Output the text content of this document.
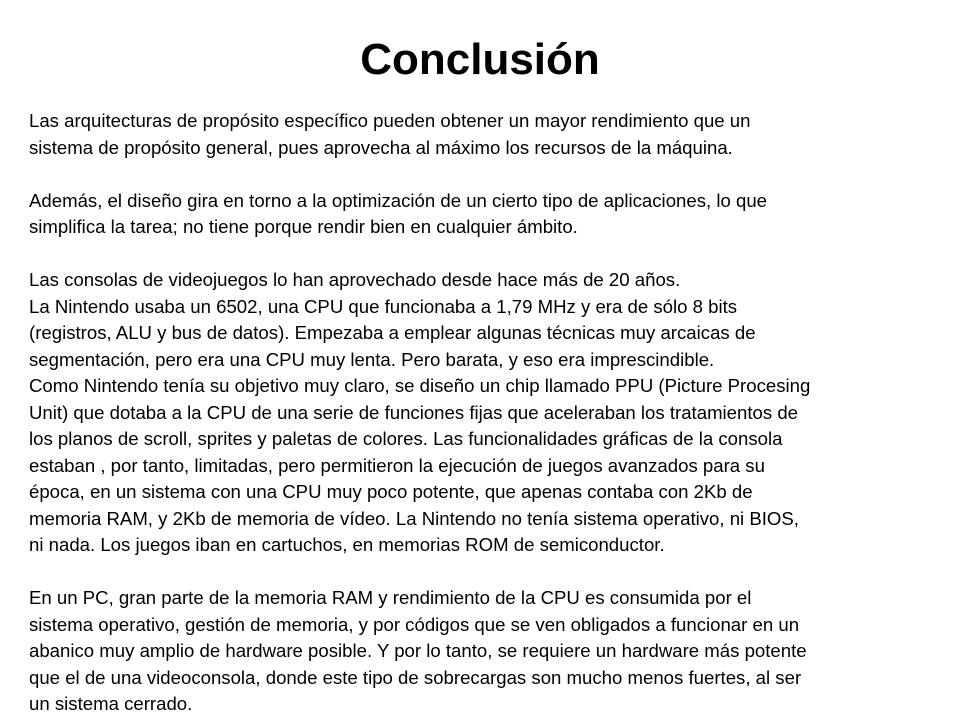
Conclusión
Las arquitecturas de propósito específico pueden obtener un mayor rendimiento que un
sistema de propósito general, pues aprovecha al máximo los recursos de la máquina.
Además, el diseño gira en torno a la optimización de un cierto tipo de aplicaciones, lo que
simplifica la tarea; no tiene porque rendir bien en cualquier ámbito.
Las consolas de videojuegos lo han aprovechado desde hace más de 20 años.
La Nintendo usaba un 6502, una CPU que funcionaba a 1,79 MHz y era de sólo 8 bits
(registros, ALU y bus de datos). Empezaba a emplear algunas técnicas muy arcaicas de
segmentación, pero era una CPU muy lenta. Pero barata, y eso era imprescindible.
Como Nintendo tenía su objetivo muy claro, se diseño un chip llamado PPU (Picture Procesing
Unit) que dotaba a la CPU de una serie de funciones fijas que aceleraban los tratamientos de
los planos de scroll, sprites y paletas de colores. Las funcionalidades gráficas de la consola
estaban , por tanto, limitadas, pero permitieron la ejecución de juegos avanzados para su
época, en un sistema con una CPU muy poco potente, que apenas contaba con 2Kb de
memoria RAM, y 2Kb de memoria de vídeo. La Nintendo no tenía sistema operativo, ni BIOS,
ni nada. Los juegos iban en cartuchos, en memorias ROM de semiconductor.
En un PC, gran parte de la memoria RAM y rendimiento de la CPU es consumida por el
sistema operativo, gestión de memoria, y por códigos que se ven obligados a funcionar en un
abanico muy amplio de hardware posible. Y por lo tanto, se requiere un hardware más potente
que el de una videoconsola, donde este tipo de sobrecargas son mucho menos fuertes, al ser
un sistema cerrado.
